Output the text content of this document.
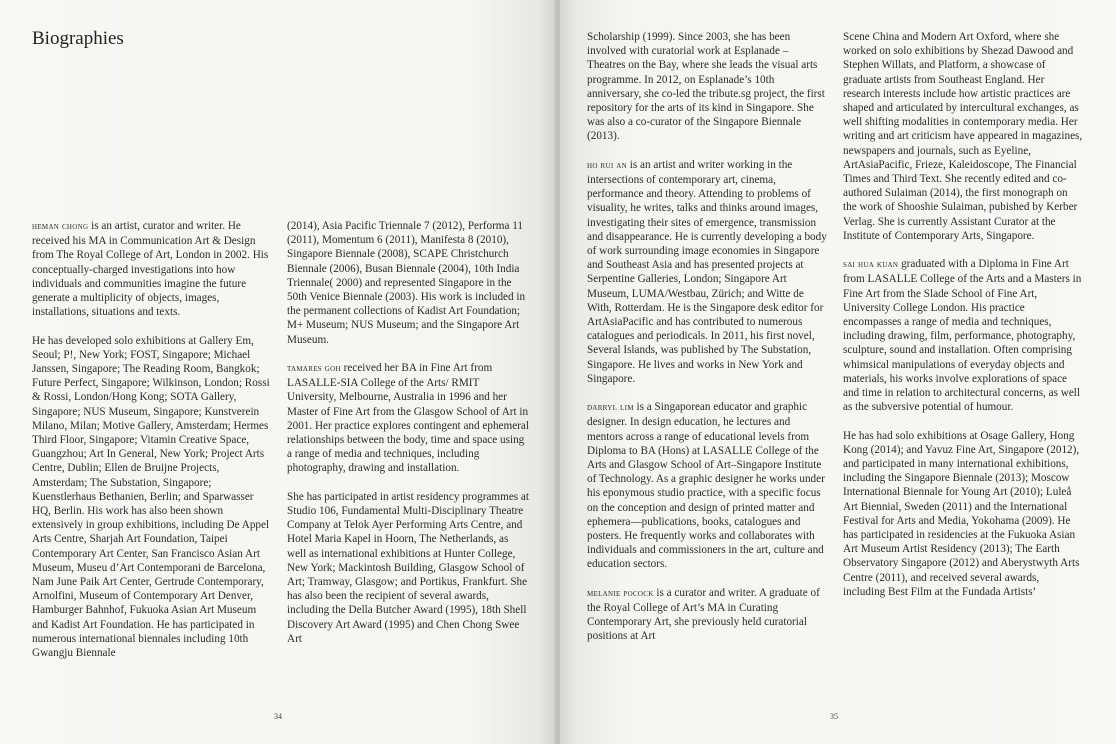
Biographies

heman chong is an artist, curator and writer. He received his MA in Communication Art & Design from The Royal College of Art, London in 2002. His conceptually-charged investigations into how individuals and communities imagine the future generate a multiplicity of objects, images, installations, situations and texts.

He has developed solo exhibitions at Gallery Em, Seoul; P!, New York; FOST, Singapore; Michael Janssen, Singapore; The Reading Room, Bangkok; Future Perfect, Singapore; Wilkinson, London; Rossi & Rossi, London/Hong Kong; SOTA Gallery, Singapore; NUS Museum, Singapore; Kunstverein Milano, Milan; Motive Gallery, Amsterdam; Hermes Third Floor, Singapore; Vitamin Creative Space, Guangzhou; Art In General, New York; Project Arts Centre, Dublin; Ellen de Bruijne Projects, Amsterdam; The Substation, Singapore; Kuenstlerhaus Bethanien, Berlin; and Sparwasser HQ, Berlin. His work has also been shown extensively in group exhibitions, including De Appel Arts Centre, Sharjah Art Foundation, Taipei Contemporary Art Center, San Francisco Asian Art Museum, Museu d’Art Contemporani de Barcelona, Nam June Paik Art Center, Gertrude Contemporary, Arnolfini, Museum of Contemporary Art Denver, Hamburger Bahnhof, Fukuoka Asian Art Museum and Kadist Art Foundation. He has participated in numerous international biennales including 10th Gwangju Biennale

(2014), Asia Pacific Triennale 7 (2012), Performa 11 (2011), Momentum 6 (2011), Manifesta 8 (2010), Singapore Biennale (2008), SCAPE Christchurch Biennale (2006), Busan Biennale (2004), 10th India Triennale( 2000) and represented Singapore in the 50th Venice Biennale (2003). His work is included in the permanent collections of Kadist Art Foundation; M+ Museum; NUS Museum; and the Singapore Art Museum.

tamares goh received her BA in Fine Art from LASALLE-SIA College of the Arts/ RMIT University, Melbourne, Australia in 1996 and her Master of Fine Art from the Glasgow School of Art in 2001. Her practice explores contingent and ephemeral relationships between the body, time and space using a range of media and techniques, including photography, drawing and installation.

She has participated in artist residency programmes at Studio 106, Fundamental Multi-Disciplinary Theatre Company at Telok Ayer Performing Arts Centre, and Hotel Maria Kapel in Hoorn, The Netherlands, as well as international exhibitions at Hunter College, New York; Mackintosh Building, Glasgow School of Art; Tramway, Glasgow; and Portikus, Frankfurt. She has also been the recipient of several awards, including the Della Butcher Award (1995), 18th Shell Discovery Art Award (1995) and Chen Chong Swee Art

34

Scholarship (1999). Since 2003, she has been involved with curatorial work at Esplanade – Theatres on the Bay, where she leads the visual arts programme. In 2012, on Esplanade’s 10th anniversary, she co-led the tribute.sg project, the first repository for the arts of its kind in Singapore. She was also a co-curator of the Singapore Biennale (2013).

ho rui an is an artist and writer working in the intersections of contemporary art, cinema, performance and theory. Attending to problems of visuality, he writes, talks and thinks around images, investigating their sites of emergence, transmission and disappearance. He is currently developing a body of work surrounding image economies in Singapore and Southeast Asia and has presented projects at Serpentine Galleries, London; Singapore Art Museum, LUMA/Westbau, Zürich; and Witte de With, Rotterdam. He is the Singapore desk editor for ArtAsiaPacific and has contributed to numerous catalogues and periodicals. In 2011, his first novel, Several Islands, was published by The Substation, Singapore. He lives and works in New York and Singapore.

darryl lim is a Singaporean educator and graphic designer. In design education, he lectures and mentors across a range of educational levels from Diploma to BA (Hons) at LASALLE College of the Arts and Glasgow School of Art–Singapore Institute of Technology. As a graphic designer he works under his eponymous studio practice, with a specific focus on the conception and design of printed matter and ephemera—publications, books, catalogues and posters. He frequently works and collaborates with individuals and commissioners in the art, culture and education sectors.

melanie pocock is a curator and writer. A graduate of the Royal College of Art’s MA in Curating Contemporary Art, she previously held curatorial positions at Art

Scene China and Modern Art Oxford, where she worked on solo exhibitions by Shezad Dawood and Stephen Willats, and Platform, a showcase of graduate artists from Southeast England. Her research interests include how artistic practices are shaped and articulated by intercultural exchanges, as well shifting modalities in contemporary media. Her writing and art criticism have appeared in magazines, newspapers and journals, such as Eyeline, ArtAsiaPacific, Frieze, Kaleidoscope, The Financial Times and Third Text. She recently edited and co-authored Sulaiman (2014), the first monograph on the work of Shooshie Sulaiman, pubished by Kerber Verlag. She is currently Assistant Curator at the Institute of Contemporary Arts, Singapore.

sai hua kuan graduated with a Diploma in Fine Art from LASALLE College of the Arts and a Masters in Fine Art from the Slade School of Fine Art, University College London. His practice encompasses a range of media and techniques, including drawing, film, performance, photography, sculpture, sound and installation. Often comprising whimsical manipulations of everyday objects and materials, his works involve explorations of space and time in relation to architectural concerns, as well as the subversive potential of humour.

He has had solo exhibitions at Osage Gallery, Hong Kong (2014); and Yavuz Fine Art, Singapore (2012), and participated in many international exhibitions, including the Singapore Biennale (2013); Moscow International Biennale for Young Art (2010); Luleå Art Biennial, Sweden (2011) and the International Festival for Arts and Media, Yokohama (2009). He has participated in residencies at the Fukuoka Asian Art Museum Artist Residency (2013); The Earth Observatory Singapore (2012) and Aberystwyth Arts Centre (2011), and received several awards, including Best Film at the Fundada Artists’

35
